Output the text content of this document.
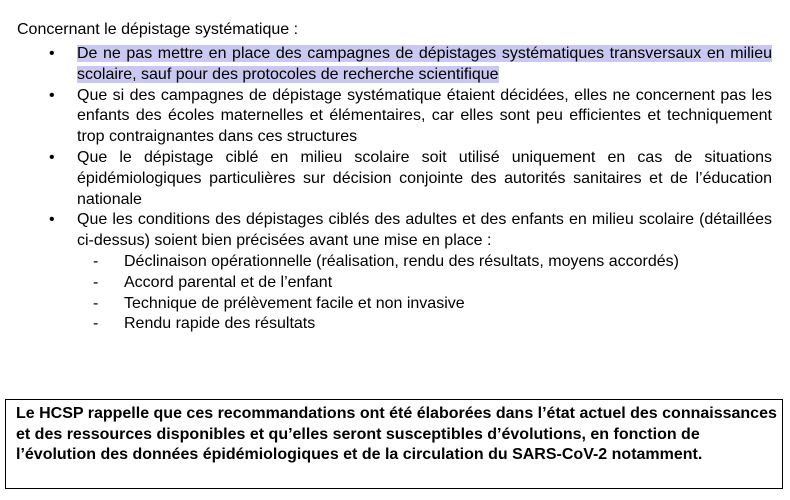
Concernant le dépistage systématique :
• De ne pas mettre en place des campagnes de dépistages systématiques transversaux en milieu scolaire, sauf pour des protocoles de recherche scientifique
• Que si des campagnes de dépistage systématique étaient décidées, elles ne concernent pas les enfants des écoles maternelles et élémentaires, car elles sont peu efficientes et techniquement trop contraignantes dans ces structures
• Que le dépistage ciblé en milieu scolaire soit utilisé uniquement en cas de situations épidémiologiques particulières sur décision conjointe des autorités sanitaires et de l’éducation nationale
• Que les conditions des dépistages ciblés des adultes et des enfants en milieu scolaire (détaillées ci-dessus) soient bien précisées avant une mise en place :
- Déclinaison opérationnelle (réalisation, rendu des résultats, moyens accordés)
- Accord parental et de l’enfant
- Technique de prélèvement facile et non invasive
- Rendu rapide des résultats
Le HCSP rappelle que ces recommandations ont été élaborées dans l’état actuel des connaissances et des ressources disponibles et qu’elles seront susceptibles d’évolutions, en fonction de l’évolution des données épidémiologiques et de la circulation du SARS-CoV-2 notamment.
